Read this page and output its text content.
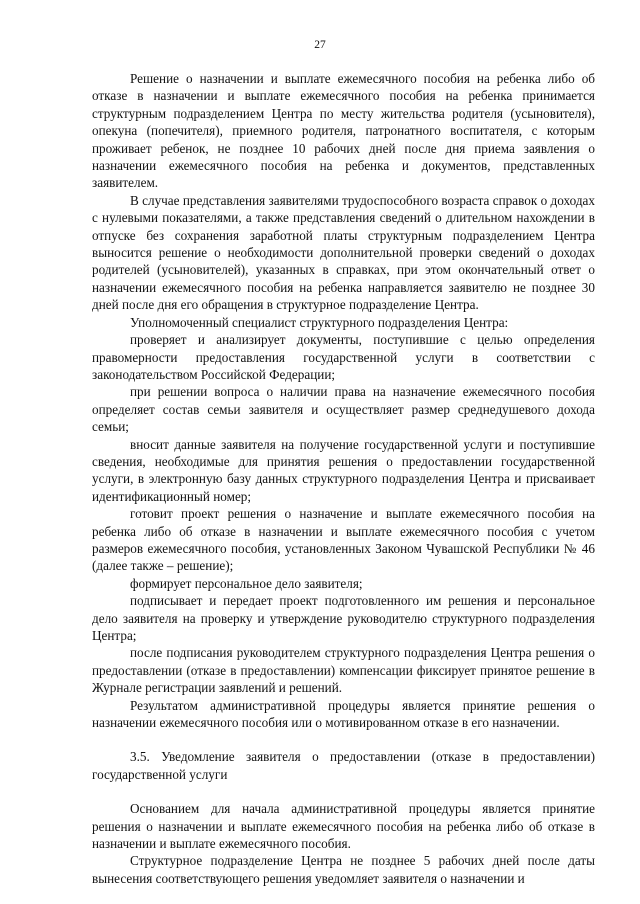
27

Решение о назначении и выплате ежемесячного пособия на ребенка либо об отказе в назначении и выплате ежемесячного пособия на ребенка принимается структурным подразделением Центра по месту жительства родителя (усыновителя), опекуна (попечителя), приемного родителя, патронатного воспитателя, с которым проживает ребенок, не позднее 10 рабочих дней после дня приема заявления о назначении ежемесячного пособия на ребенка и документов, представленных заявителем.

В случае представления заявителями трудоспособного возраста справок о доходах с нулевыми показателями, а также представления сведений о длительном нахождении в отпуске без сохранения заработной платы структурным подразделением Центра выносится решение о необходимости дополнительной проверки сведений о доходах родителей (усыновителей), указанных в справках, при этом окончательный ответ о назначении ежемесячного пособия на ребенка направляется заявителю не позднее 30 дней после дня его обращения в структурное подразделение Центра.

Уполномоченный специалист структурного подразделения Центра:

проверяет и анализирует документы, поступившие с целью определения правомерности предоставления государственной услуги в соответствии с законодательством Российской Федерации;

при решении вопроса о наличии права на назначение ежемесячного пособия определяет состав семьи заявителя и осуществляет размер среднедушевого дохода семьи;

вносит данные заявителя на получение государственной услуги и поступившие сведения, необходимые для принятия решения о предоставлении государственной услуги, в электронную базу данных структурного подразделения Центра и присваивает идентификационный номер;

готовит проект решения о назначение и выплате ежемесячного пособия на ребенка либо об отказе в назначении и выплате ежемесячного пособия с учетом размеров ежемесячного пособия, установленных Законом Чувашской Республики № 46 (далее также – решение);

формирует персональное дело заявителя;

подписывает и передает проект подготовленного им решения и персональное дело заявителя на проверку и утверждение руководителю структурного подразделения Центра;

после подписания руководителем структурного подразделения Центра решения о предоставлении (отказе в предоставлении) компенсации фиксирует принятое решение в Журнале регистрации заявлений и решений.

Результатом административной процедуры является принятие решения о назначении ежемесячного пособия или о мотивированном отказе в его назначении.

3.5. Уведомление заявителя о предоставлении (отказе в предоставлении) государственной услуги

Основанием для начала административной процедуры является принятие решения о назначении и выплате ежемесячного пособия на ребенка либо об отказе в назначении и выплате ежемесячного пособия.

Структурное подразделение Центра не позднее 5 рабочих дней после даты вынесения соответствующего решения уведомляет заявителя о назначении и
